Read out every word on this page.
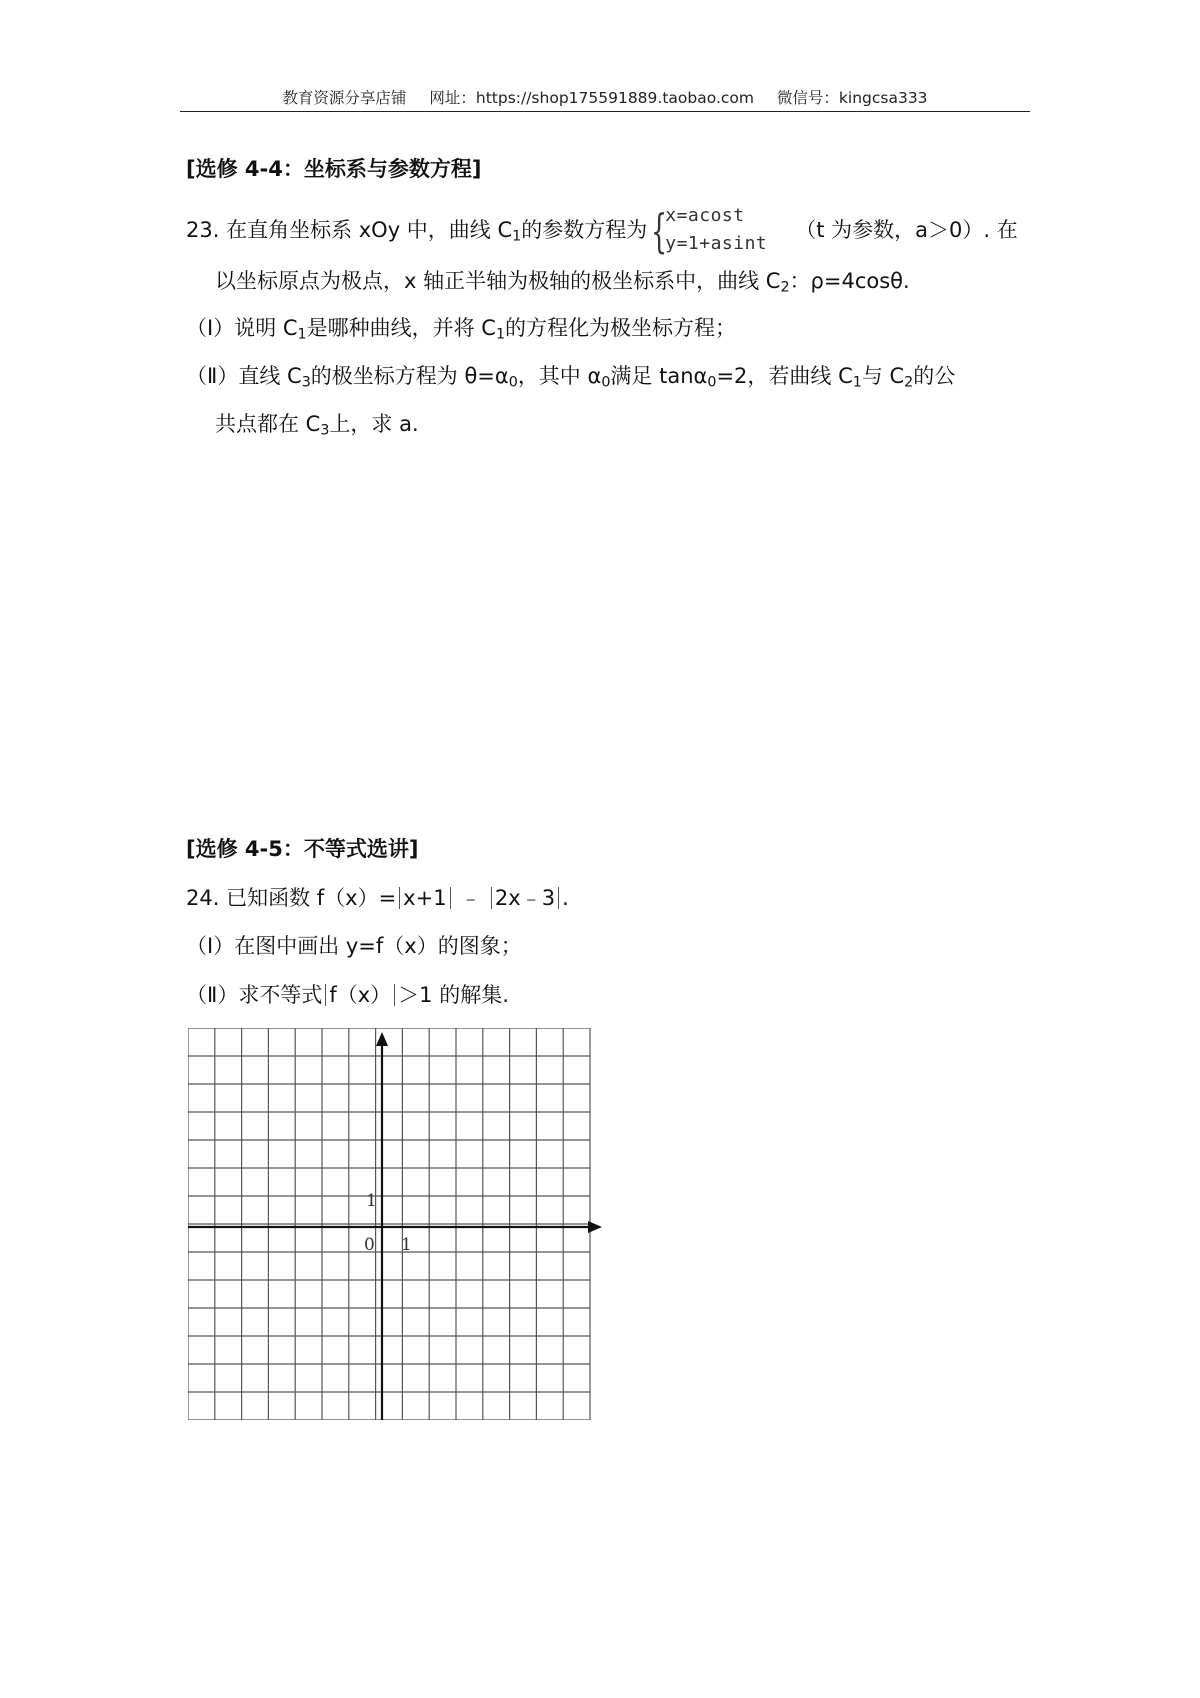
教育资源分享店铺 网址：https://shop175591889.taobao.com 微信号：kingcsa333
[选修 4-4：坐标系与参数方程]
23. 在直角坐标系 xOy 中，曲线 $C_1$的参数方程为 {
x=acost
y=1+asint
（t 为参数，a＞0）. 在
以坐标原点为极点，x 轴正半轴为极轴的极坐标系中，曲线 $C_2$：ρ=4cosθ.
（Ⅰ）说明 $C_1$是哪种曲线，并将 $C_1$的方程化为极坐标方程；
（Ⅱ）直线 $C_3$的极坐标方程为 $\theta=\alpha_0$，其中 $\alpha_0$满足 tanα$_0$=2，若曲线 $C_1$与 $C_2$的公
共点都在 $C_3$上，求 a.
[选修 4-5：不等式选讲]
24. 已知函数 f（x）= x+1 ﹣ 2x﹣3 .
（Ⅰ）在图中画出 y=f（x）的图象；
（Ⅱ）求不等式 f（x） ＞1 的解集.
1
0 1
